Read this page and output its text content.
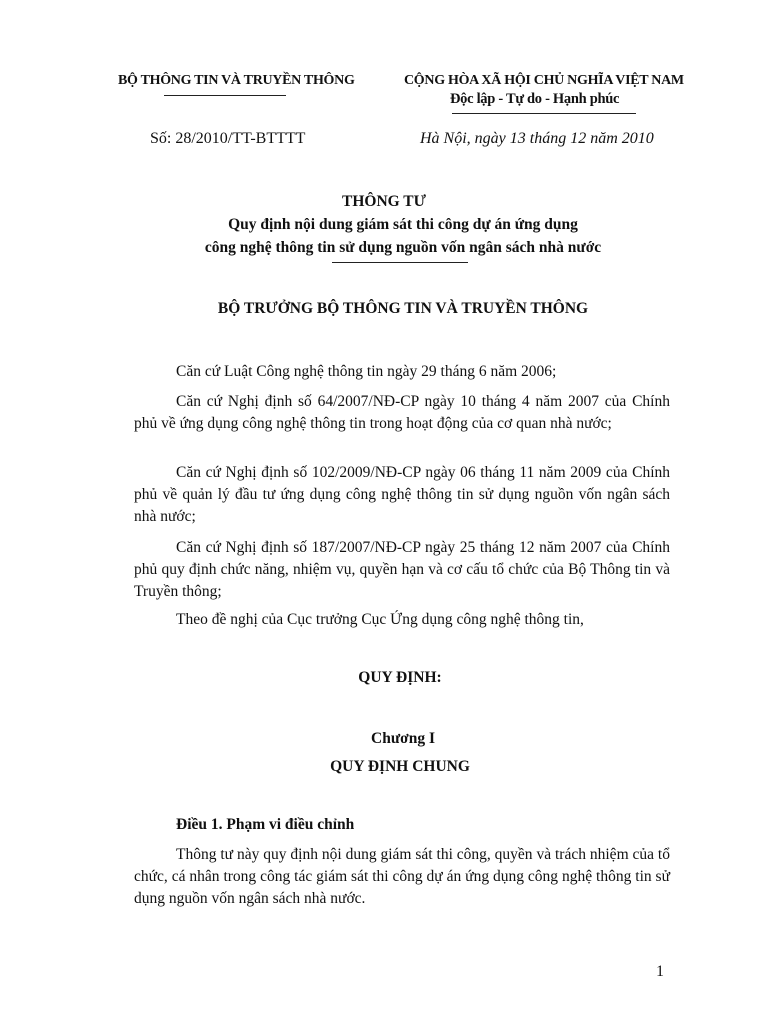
BỘ THÔNG TIN VÀ TRUYỀN THÔNG	CỘNG HÒA XÃ HỘI CHỦ NGHĨA VIỆT NAM
Độc lập - Tự do - Hạnh phúc
Số: 28/2010/TT-BTTTT	Hà Nội, ngày 13 tháng 12 năm 2010
THÔNG TƯ
Quy định nội dung giám sát thi công dự án ứng dụng
công nghệ thông tin sử dụng nguồn vốn ngân sách nhà nước
BỘ TRƯỞNG BỘ THÔNG TIN VÀ TRUYỀN THÔNG
Căn cứ Luật Công nghệ thông tin ngày 29 tháng 6 năm 2006;
Căn cứ Nghị định số 64/2007/NĐ-CP ngày 10 tháng 4 năm 2007 của Chính phủ về ứng dụng công nghệ thông tin trong hoạt động của cơ quan nhà nước;
Căn cứ Nghị định số 102/2009/NĐ-CP ngày 06 tháng 11 năm 2009 của Chính phủ về quản lý đầu tư ứng dụng công nghệ thông tin sử dụng nguồn vốn ngân sách nhà nước;
Căn cứ Nghị định số 187/2007/NĐ-CP ngày 25 tháng 12 năm 2007 của Chính phủ quy định chức năng, nhiệm vụ, quyền hạn và cơ cấu tổ chức của Bộ Thông tin và Truyền thông;
Theo đề nghị của Cục trưởng Cục Ứng dụng công nghệ thông tin,
QUY ĐỊNH:
Chương I
QUY ĐỊNH CHUNG
Điều 1. Phạm vi điều chỉnh
Thông tư này quy định nội dung giám sát thi công, quyền và trách nhiệm của tổ chức, cá nhân trong công tác giám sát thi công dự án ứng dụng công nghệ thông tin sử dụng nguồn vốn ngân sách nhà nước.
1
